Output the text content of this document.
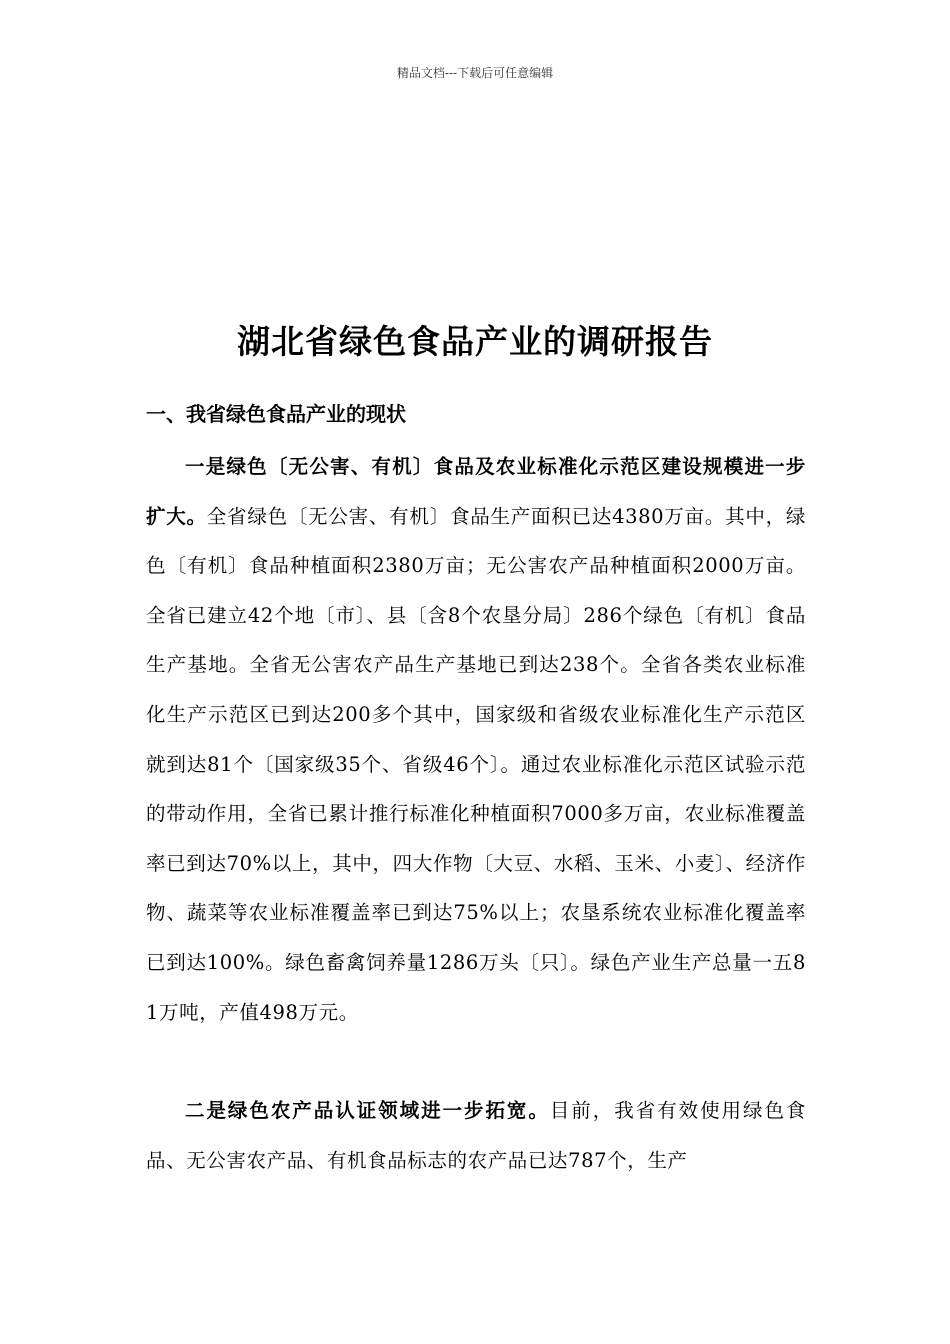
精品文档---下载后可任意编辑
湖北省绿色食品产业的调研报告
一、我省绿色食品产业的现状

一是绿色〔无公害、有机〕食品及农业标准化示范区建设规模进一步扩大。全省绿色〔无公害、有机〕食品生产面积已达4380万亩。其中，绿色〔有机〕食品种植面积2380万亩；无公害农产品种植面积2000万亩。全省已建立42个地〔市〕、县〔含8个农垦分局〕286个绿色〔有机〕食品生产基地。全省无公害农产品生产基地已到达238个。全省各类农业标准化生产示范区已到达200多个其中，国家级和省级农业标准化生产示范区就到达81个〔国家级35个、省级46个〕。通过农业标准化示范区试验示范的带动作用，全省已累计推行标准化种植面积7000多万亩，农业标准覆盖率已到达70%以上，其中，四大作物〔大豆、水稻、玉米、小麦〕、经济作物、蔬菜等农业标准覆盖率已到达75%以上；农垦系统农业标准化覆盖率已到达100%。绿色畜禽饲养量1286万头〔只〕。绿色产业生产总量一五81万吨，产值498万元。

二是绿色农产品认证领域进一步拓宽。目前，我省有效使用绿色食品、无公害农产品、有机食品标志的农产品已达787个，生产
